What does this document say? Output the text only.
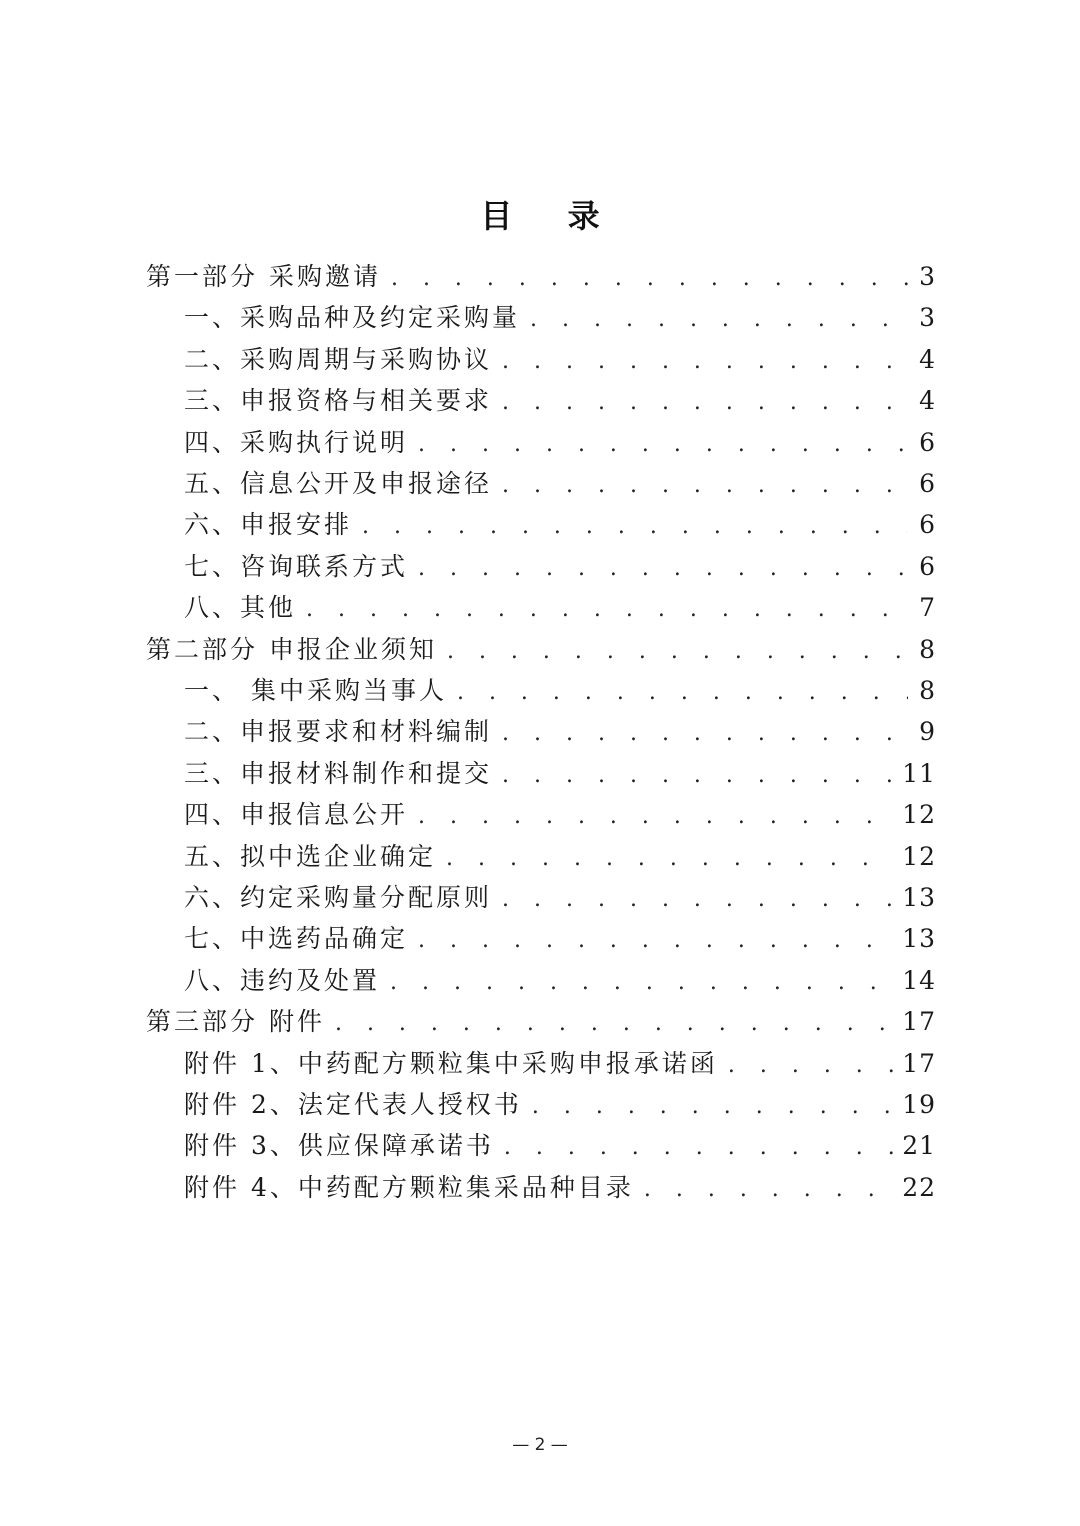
目 录
第一部分 采购邀请 . . .	3
一、采购品种及约定采购量 . . .	3
二、采购周期与采购协议 . . .	4
三、申报资格与相关要求 . . .	4
四、采购执行说明 . . .	6
五、信息公开及申报途径 . . .	6
六、申报安排 . . .	6
七、咨询联系方式 . . .	6
八、其他 . . .	7
第二部分 申报企业须知 . . .	8
一、 集中采购当事人 . . .	8
二、申报要求和材料编制 . . .	9
三、申报材料制作和提交 . . .	11
四、申报信息公开 . . .	12
五、拟中选企业确定 . . .	12
六、约定采购量分配原则 . . .	13
七、中选药品确定 . . .	13
八、违约及处置 . . .	14
第三部分 附件 . . .	17
附件 1、中药配方颗粒集中采购申报承诺函 . . .	17
附件 2、法定代表人授权书 . . .	19
附件 3、供应保障承诺书 . . .	21
附件 4、中药配方颗粒集采品种目录 . . .	22
— 2 —
